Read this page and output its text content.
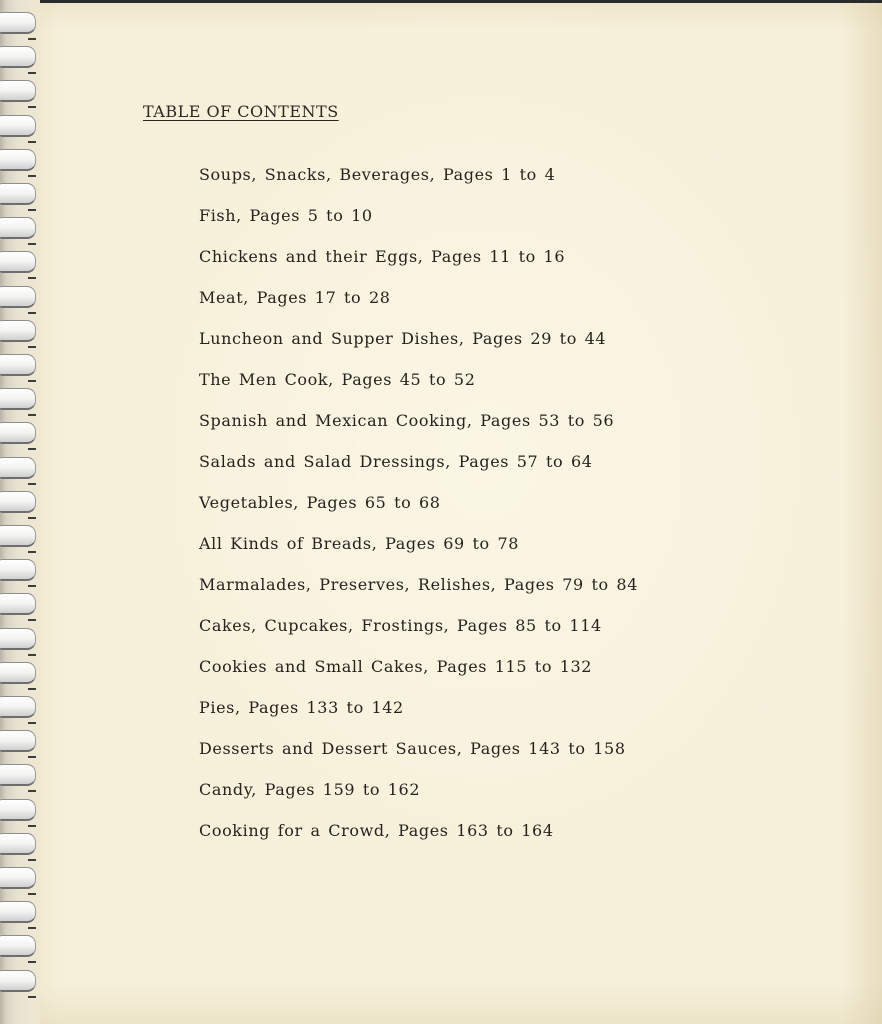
TABLE OF CONTENTS
Soups, Snacks, Beverages, Pages 1 to 4
Fish, Pages 5 to 10
Chickens and their Eggs, Pages 11 to 16
Meat, Pages 17 to 28
Luncheon and Supper Dishes, Pages 29 to 44
The Men Cook, Pages 45 to 52
Spanish and Mexican Cooking, Pages 53 to 56
Salads and Salad Dressings, Pages 57 to 64
Vegetables, Pages 65 to 68
All Kinds of Breads, Pages 69 to 78
Marmalades, Preserves, Relishes, Pages 79 to 84
Cakes, Cupcakes, Frostings, Pages 85 to 114
Cookies and Small Cakes, Pages 115 to 132
Pies, Pages 133 to 142
Desserts and Dessert Sauces, Pages 143 to 158
Candy, Pages 159 to 162
Cooking for a Crowd, Pages 163 to 164
